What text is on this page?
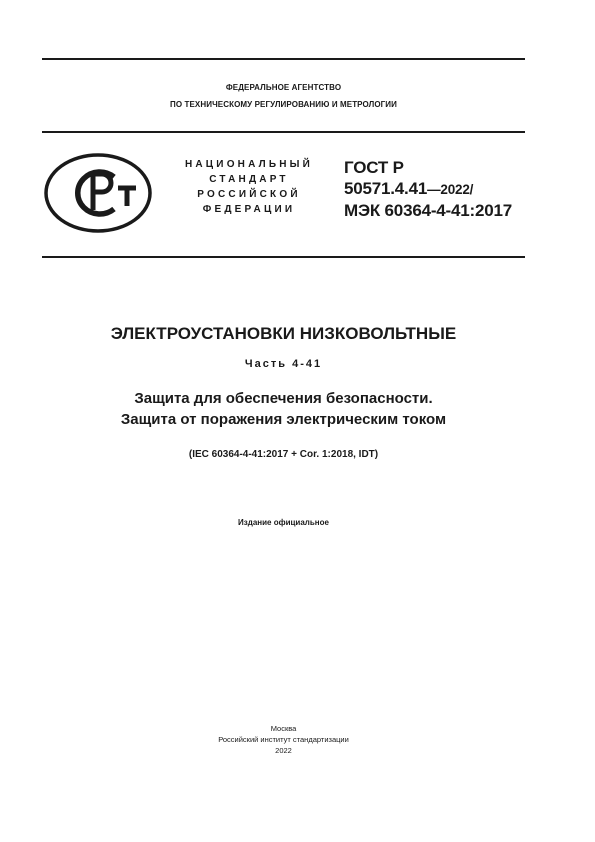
ФЕДЕРАЛЬНОЕ АГЕНТСТВО
ПО ТЕХНИЧЕСКОМУ РЕГУЛИРОВАНИЮ И МЕТРОЛОГИИ
НАЦИОНАЛЬНЫЙ
СТАНДАРТ
РОССИЙСКОЙ
ФЕДЕРАЦИИ
ГОСТ Р
50571.4.41—2022/
МЭК 60364-4-41:2017
ЭЛЕКТРОУСТАНОВКИ НИЗКОВОЛЬТНЫЕ
Часть 4-41
Защита для обеспечения безопасности.
Защита от поражения электрическим током
(IEC 60364-4-41:2017 + Cor. 1:2018, IDT)
Издание официальное
Москва
Российский институт стандартизации
2022
